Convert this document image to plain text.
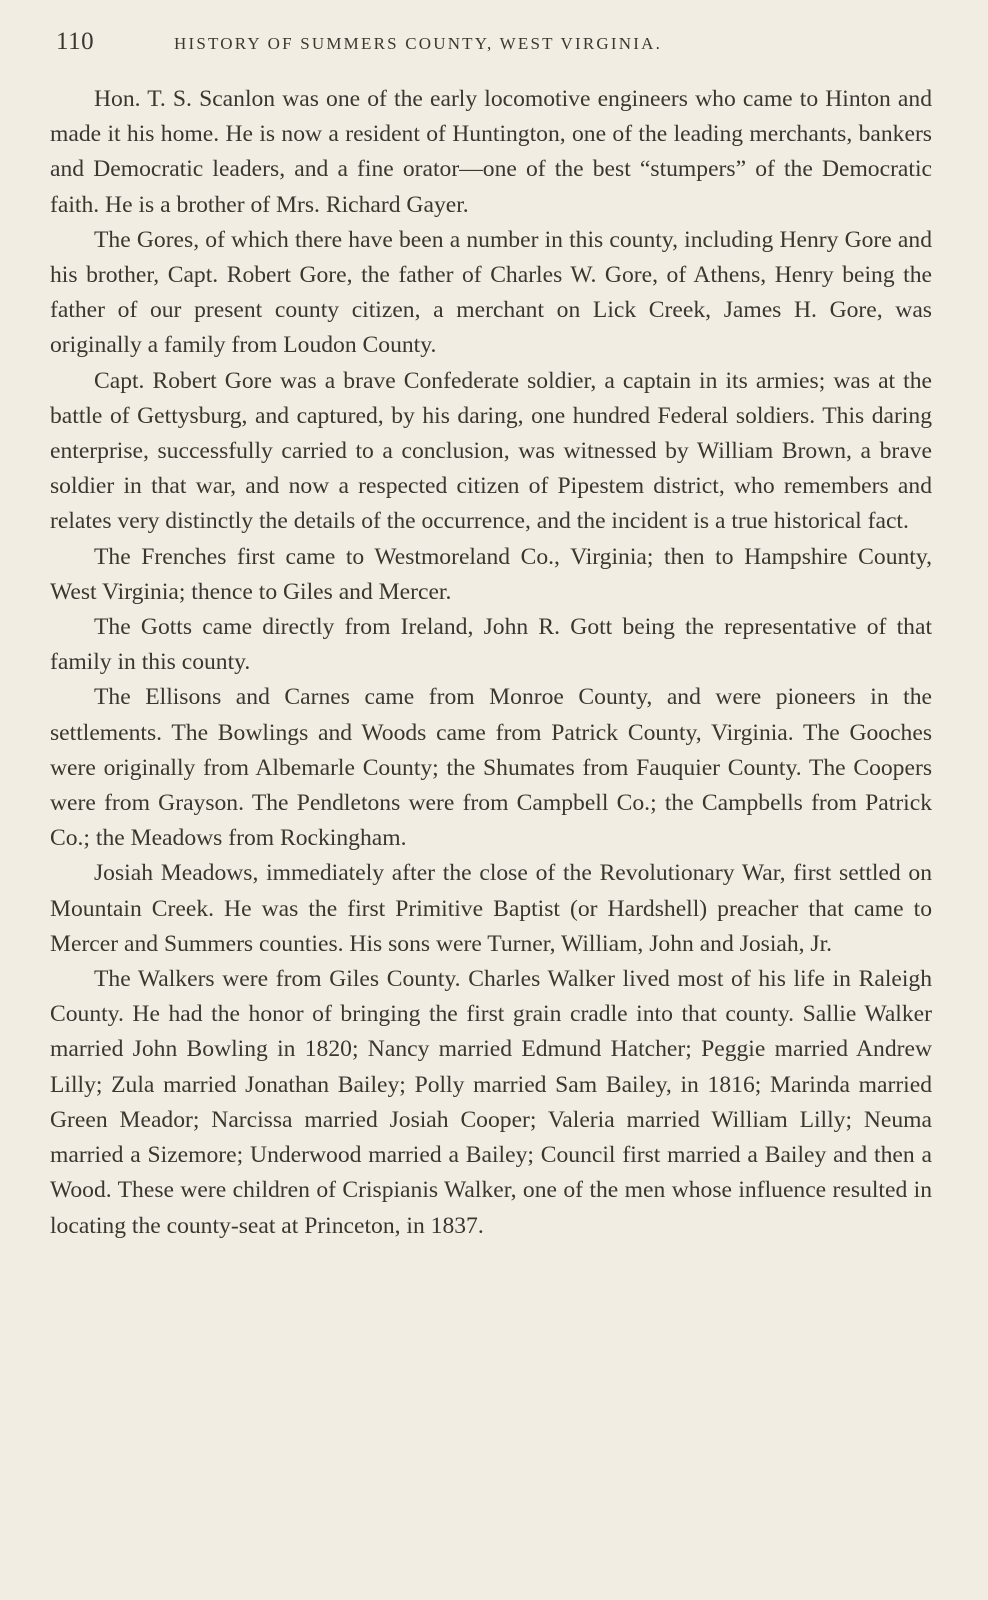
110	HISTORY OF SUMMERS COUNTY, WEST VIRGINIA.

Hon. T. S. Scanlon was one of the early locomotive engineers who came to Hinton and made it his home. He is now a resident of Huntington, one of the leading merchants, bankers and Democratic leaders, and a fine orator—one of the best “stumpers” of the Democratic faith. He is a brother of Mrs. Richard Gayer.

The Gores, of which there have been a number in this county, including Henry Gore and his brother, Capt. Robert Gore, the father of Charles W. Gore, of Athens, Henry being the father of our present county citizen, a merchant on Lick Creek, James H. Gore, was originally a family from Loudon County.

Capt. Robert Gore was a brave Confederate soldier, a captain in its armies; was at the battle of Gettysburg, and captured, by his daring, one hundred Federal soldiers. This daring enterprise, successfully carried to a conclusion, was witnessed by William Brown, a brave soldier in that war, and now a respected citizen of Pipestem district, who remembers and relates very distinctly the details of the occurrence, and the incident is a true historical fact.

The Frenches first came to Westmoreland Co., Virginia; then to Hampshire County, West Virginia; thence to Giles and Mercer.

The Gotts came directly from Ireland, John R. Gott being the representative of that family in this county.

The Ellisons and Carnes came from Monroe County, and were pioneers in the settlements. The Bowlings and Woods came from Patrick County, Virginia. The Gooches were originally from Albemarle County; the Shumates from Fauquier County. The Coopers were from Grayson. The Pendletons were from Campbell Co.; the Campbells from Patrick Co.; the Meadows from Rockingham.

Josiah Meadows, immediately after the close of the Revolutionary War, first settled on Mountain Creek. He was the first Primitive Baptist (or Hardshell) preacher that came to Mercer and Summers counties. His sons were Turner, William, John and Josiah, Jr.

The Walkers were from Giles County. Charles Walker lived most of his life in Raleigh County. He had the honor of bringing the first grain cradle into that county. Sallie Walker married John Bowling in 1820; Nancy married Edmund Hatcher; Peggie married Andrew Lilly; Zula married Jonathan Bailey; Polly married Sam Bailey, in 1816; Marinda married Green Meador; Narcissa married Josiah Cooper; Valeria married William Lilly; Neuma married a Sizemore; Underwood married a Bailey; Council first married a Bailey and then a Wood. These were children of Crispianis Walker, one of the men whose influence resulted in locating the county-seat at Princeton, in 1837.
